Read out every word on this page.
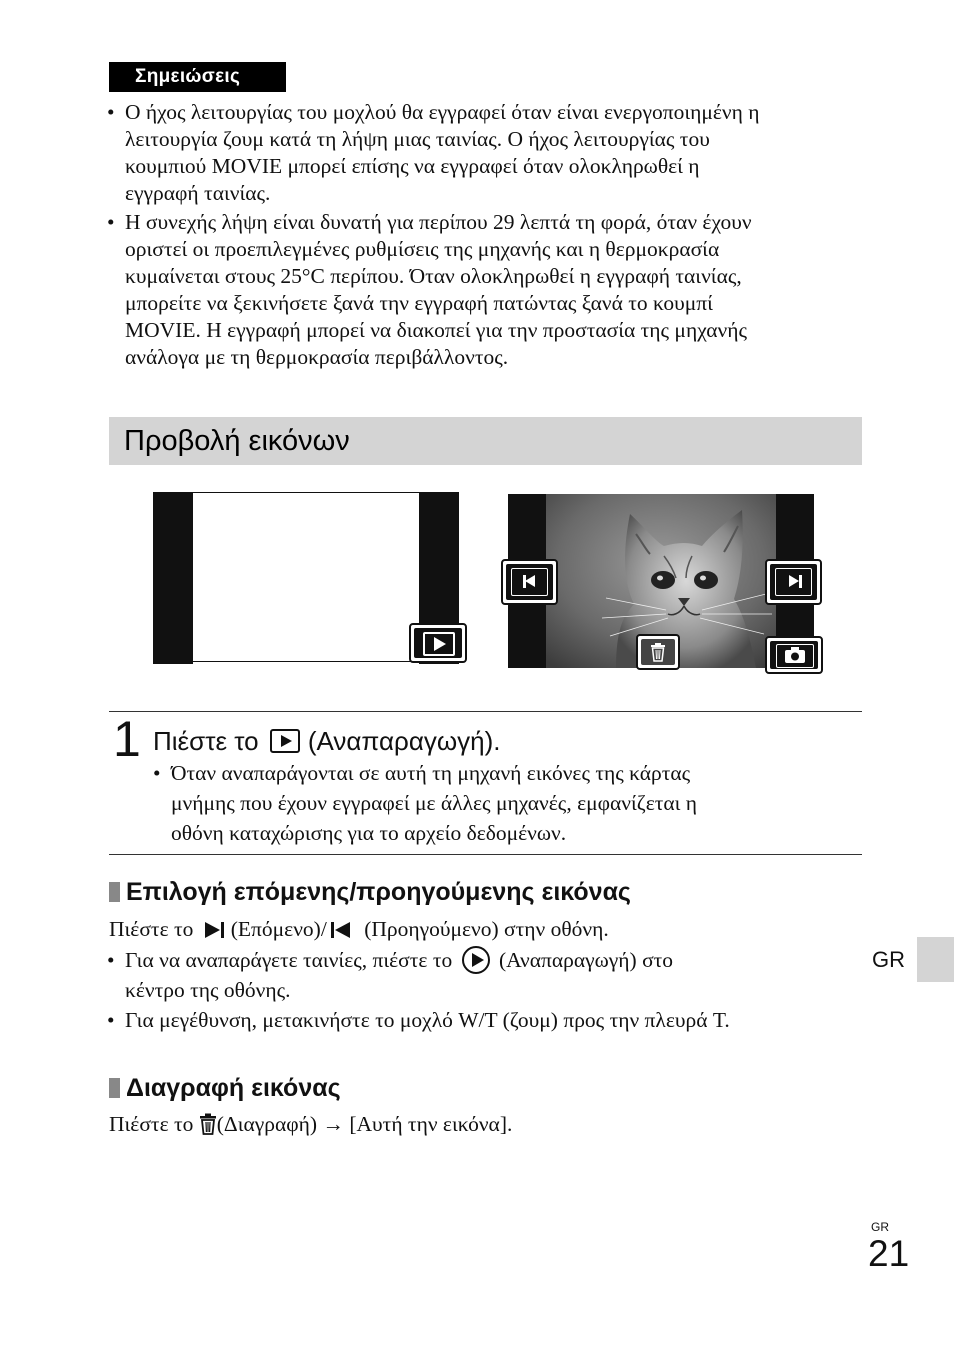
Σημειώσεις
• Ο ήχος λειτουργίας του μοχλού θα εγγραφεί όταν είναι ενεργοποιημένη η
λειτουργία ζουμ κατά τη λήψη μιας ταινίας. Ο ήχος λειτουργίας του
κουμπιού MOVIE μπορεί επίσης να εγγραφεί όταν ολοκληρωθεί η
εγγραφή ταινίας.
• Η συνεχής λήψη είναι δυνατή για περίπου 29 λεπτά τη φορά, όταν έχουν
οριστεί οι προεπιλεγμένες ρυθμίσεις της μηχανής και η θερμοκρασία
κυμαίνεται στους 25°C περίπου. Όταν ολοκληρωθεί η εγγραφή ταινίας,
μπορείτε να ξεκινήσετε ξανά την εγγραφή πατώντας ξανά το κουμπί
MOVIE. Η εγγραφή μπορεί να διακοπεί για την προστασία της μηχανής
ανάλογα με τη θερμοκρασία περιβάλλοντος.
Προβολή εικόνων
1 Πιέστε το (Αναπαραγωγή).
• Όταν αναπαράγονται σε αυτή τη μηχανή εικόνες της κάρτας
μνήμης που έχουν εγγραφεί με άλλες μηχανές, εμφανίζεται η
οθόνη καταχώρισης για το αρχείο δεδομένων.
Επιλογή επόμενης/προηγούμενης εικόνας
Πιέστε το (Επόμενο)/ (Προηγούμενο) στην οθόνη.
• Για να αναπαράγετε ταινίες, πιέστε το (Αναπαραγωγή) στο
κέντρο της οθόνης.
• Για μεγέθυνση, μετακινήστε το μοχλό W/T (ζουμ) προς την πλευρά T.
Διαγραφή εικόνας
Πιέστε το (Διαγραφή) → [Αυτή την εικόνα].
GR
GR
21
